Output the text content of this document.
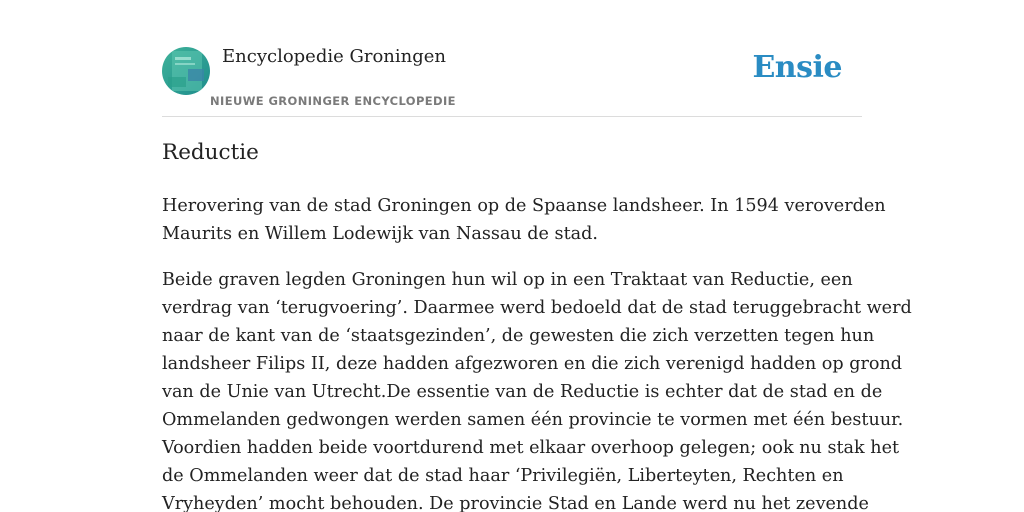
Encyclopedie Groningen
NIEUWE GRONINGER ENCYCLOPEDIE
Ensie
Reductie

Herovering van de stad Groningen op de Spaanse landsheer. In 1594 veroverden
Maurits en Willem Lodewijk van Nassau de stad.

Beide graven legden Groningen hun wil op in een Traktaat van Reductie, een
verdrag van ‘terugvoering’. Daarmee werd bedoeld dat de stad teruggebracht werd
naar de kant van de ‘staatsgezinden’, de gewesten die zich verzetten tegen hun
landsheer Filips II, deze hadden afgezworen en die zich verenigd hadden op grond
van de Unie van Utrecht.De essentie van de Reductie is echter dat de stad en de
Ommelanden gedwongen werden samen één provincie te vormen met één bestuur.
Voordien hadden beide voortdurend met elkaar overhoop gelegen; ook nu stak het
de Ommelanden weer dat de stad haar ‘Privilegiën, Liberteyten, Rechten en
Vryheyden’ mocht behouden. De provincie Stad en Lande werd nu het zevende
